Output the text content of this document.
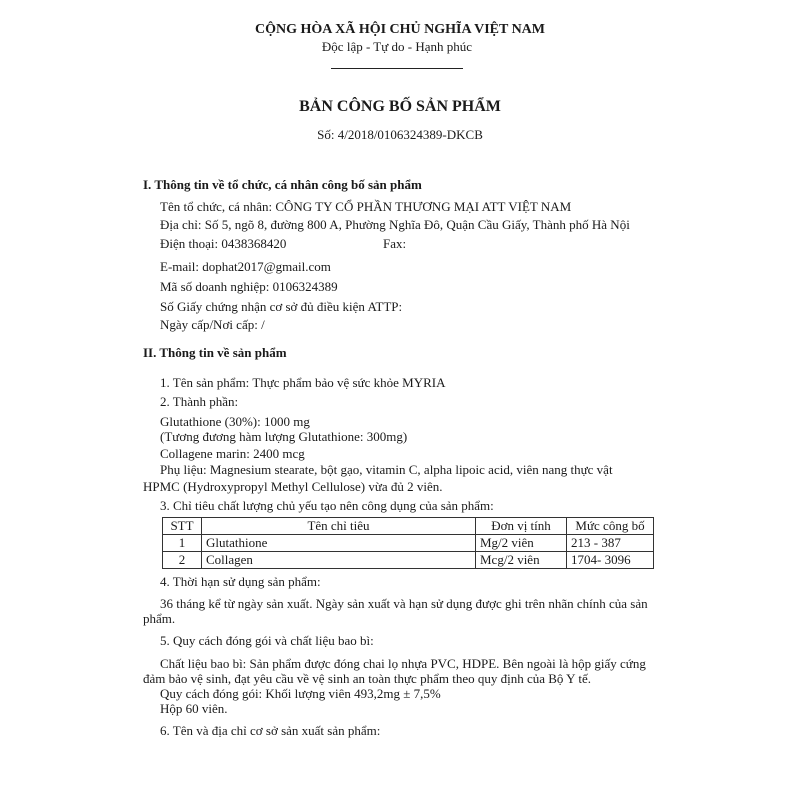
CỘNG HÒA XÃ HỘI CHỦ NGHĨA VIỆT NAM
Độc lập - Tự do - Hạnh phúc
BẢN CÔNG BỐ SẢN PHẨM
Số: 4/2018/0106324389-DKCB
I. Thông tin về tổ chức, cá nhân công bố sản phẩm
Tên tổ chức, cá nhân: CÔNG TY CỔ PHẦN THƯƠNG MẠI ATT VIỆT NAM
Địa chỉ: Số 5, ngõ 8, đường 800 A, Phường Nghĩa Đô, Quận Cầu Giấy, Thành phố Hà Nội
Điện thoại: 0438368420	Fax:
E-mail: dophat2017@gmail.com
Mã số doanh nghiệp: 0106324389
Số Giấy chứng nhận cơ sở đủ điều kiện ATTP:
Ngày cấp/Nơi cấp: /
II. Thông tin về sản phẩm
1. Tên sản phẩm: Thực phẩm bảo vệ sức khỏe MYRIA
2. Thành phần:
Glutathione (30%): 1000 mg
(Tương đương hàm lượng Glutathione: 300mg)
Collagene marin: 2400 mcg
Phụ liệu: Magnesium stearate, bột gạo, vitamin C, alpha lipoic acid, viên nang thực vật
HPMC (Hydroxypropyl Methyl Cellulose) vừa đủ 2 viên.
3. Chỉ tiêu chất lượng chủ yếu tạo nên công dụng của sản phẩm:
STT	Tên chỉ tiêu	Đơn vị tính	Mức công bố
1	Glutathione	Mg/2 viên	213 - 387
2	Collagen	Mcg/2 viên	1704- 3096
4. Thời hạn sử dụng sản phẩm:
36 tháng kể từ ngày sản xuất. Ngày sản xuất và hạn sử dụng được ghi trên nhãn chính của sản
phẩm.
5. Quy cách đóng gói và chất liệu bao bì:
Chất liệu bao bì: Sản phẩm được đóng chai lọ nhựa PVC, HDPE. Bên ngoài là hộp giấy cứng
đảm bảo vệ sinh, đạt yêu cầu về vệ sinh an toàn thực phẩm theo quy định của Bộ Y tế.
Quy cách đóng gói: Khối lượng viên 493,2mg ± 7,5%
Hộp 60 viên.
6. Tên và địa chỉ cơ sở sản xuất sản phẩm:
